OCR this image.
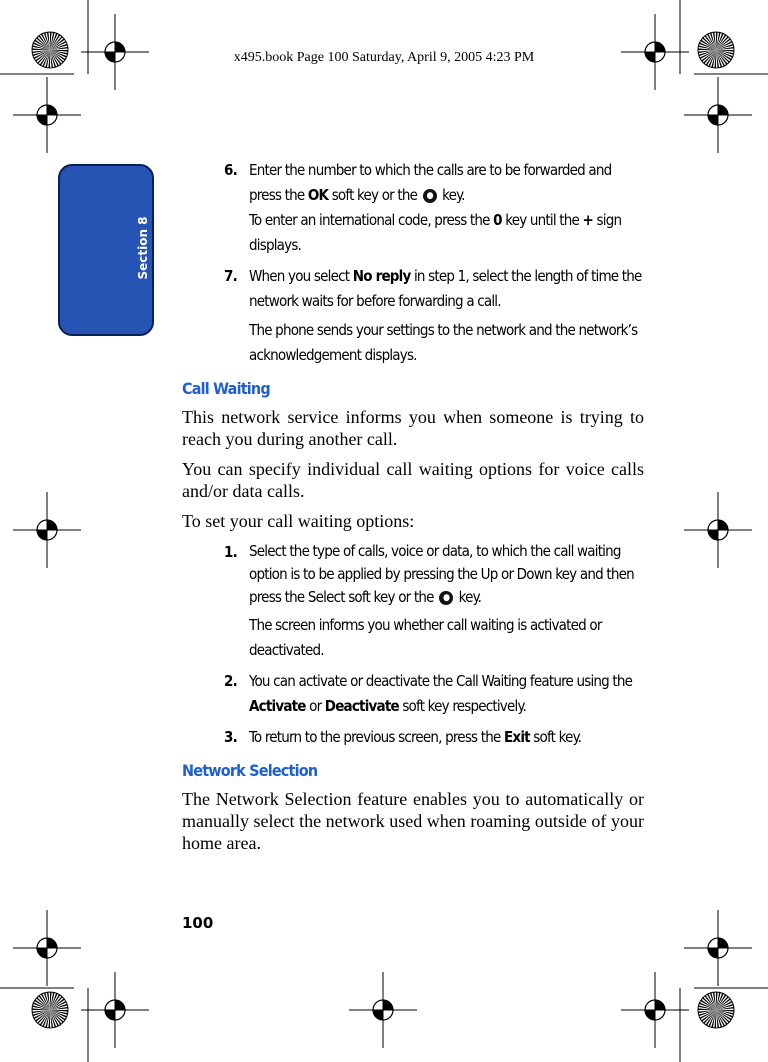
x495.book Page 100 Saturday, April 9, 2005 4:23 PM
Section 8
6. Enter the number to which the calls are to be forwarded and press the OK soft key or the ● key.

To enter an international code, press the 0 key until the + sign displays.

7. When you select No reply in step 1, select the length of time the network waits for before forwarding a call.

The phone sends your settings to the network and the network’s acknowledgement displays.

Call Waiting

This network service informs you when someone is trying to reach you during another call.

You can specify individual call waiting options for voice calls and/or data calls.

To set your call waiting options:

1. Select the type of calls, voice or data, to which the call waiting option is to be applied by pressing the Up or Down key and then press the Select soft key or the ● key.

The screen informs you whether call waiting is activated or deactivated.

2. You can activate or deactivate the Call Waiting feature using the Activate or Deactivate soft key respectively.

3. To return to the previous screen, press the Exit soft key.

Network Selection

The Network Selection feature enables you to automatically or manually select the network used when roaming outside of your home area.

100
